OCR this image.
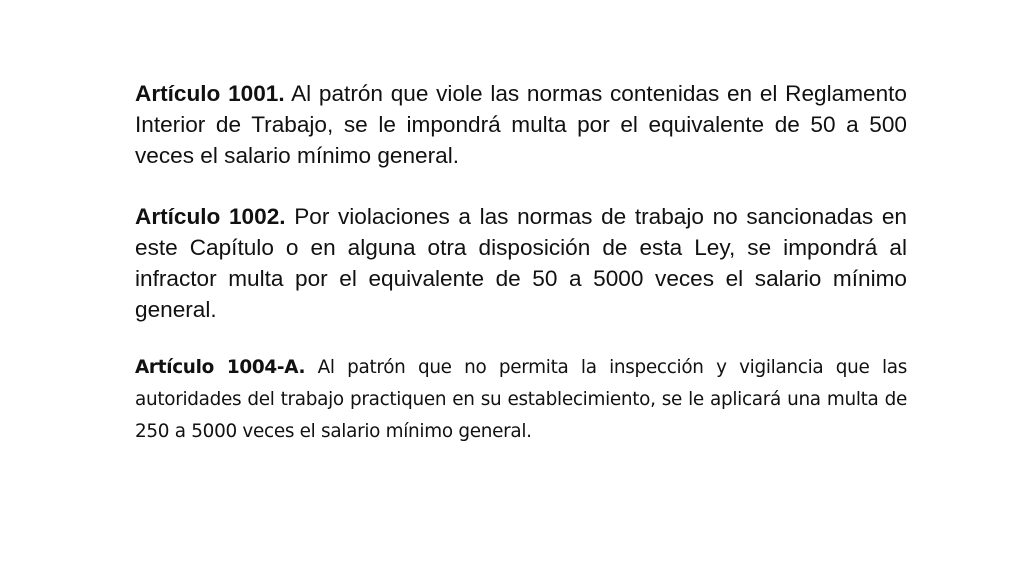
Artículo 1001. Al patrón que viole las normas contenidas en el Reglamento Interior de Trabajo, se le impondrá multa por el equivalente de 50 a 500 veces el salario mínimo general.

Artículo 1002. Por violaciones a las normas de trabajo no sancionadas en este Capítulo o en alguna otra disposición de esta Ley, se impondrá al infractor multa por el equivalente de 50 a 5000 veces el salario mínimo general.

Artículo 1004-A. Al patrón que no permita la inspección y vigilancia que las autoridades del trabajo practiquen en su establecimiento, se le aplicará una multa de 250 a 5000 veces el salario mínimo general.
